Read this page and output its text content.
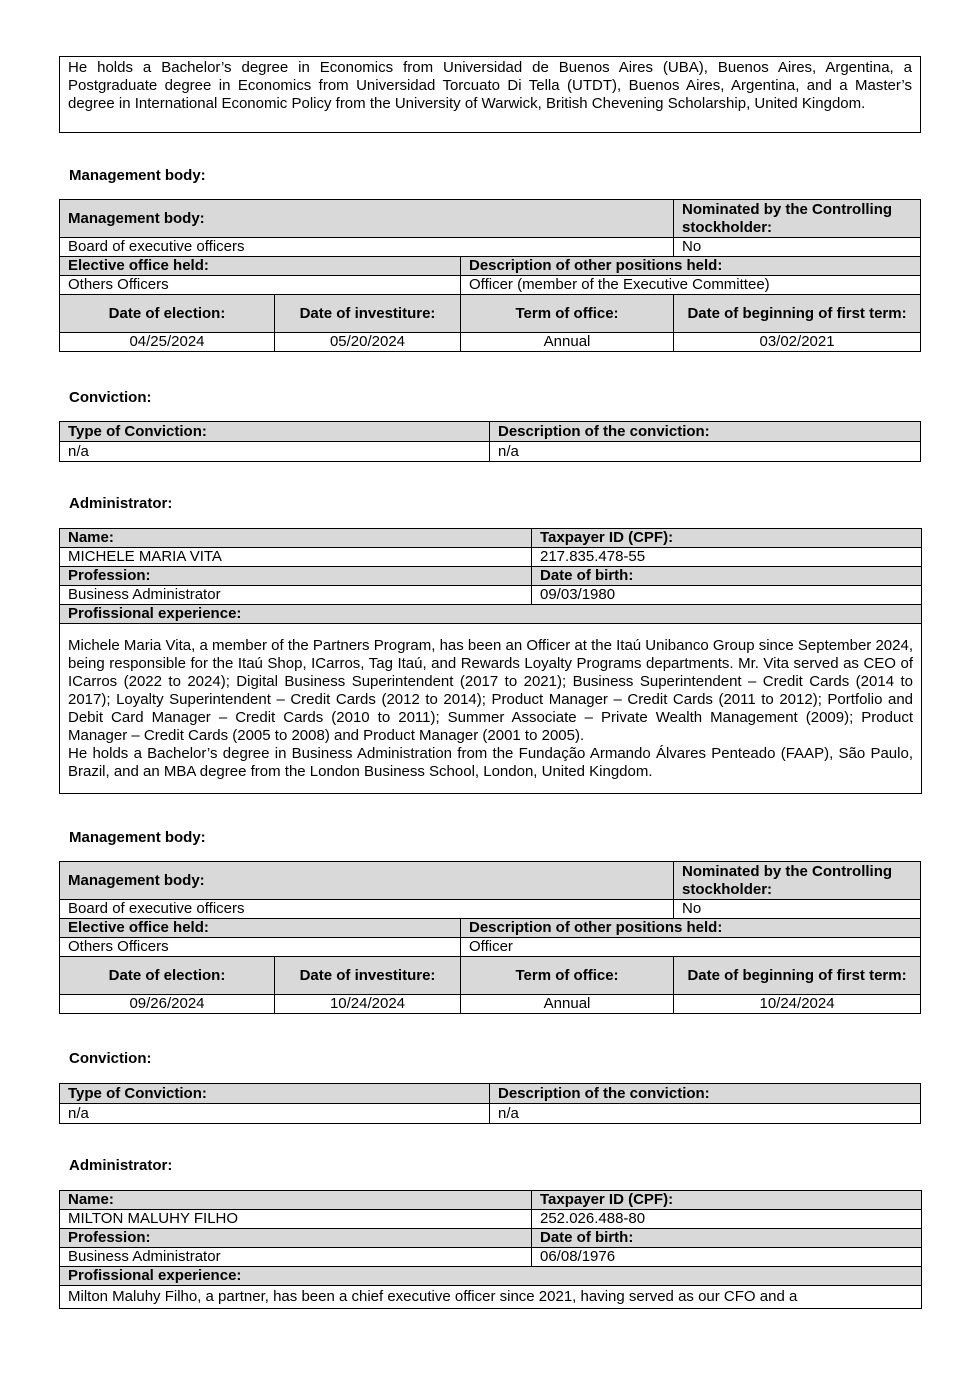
He holds a Bachelor’s degree in Economics from Universidad de Buenos Aires (UBA), Buenos Aires, Argentina, a Postgraduate degree in Economics from Universidad Torcuato Di Tella (UTDT), Buenos Aires, Argentina, and a Master’s degree in International Economic Policy from the University of Warwick, British Chevening Scholarship, United Kingdom.

Management body:
Management body:			Nominated by the Controlling stockholder:
Board of executive officers			No
Elective office held:		Description of other positions held:	
Others Officers		Officer (member of the Executive Committee)	
Date of election:	Date of investiture:	Term of office:	Date of beginning of first term:
04/25/2024	05/20/2024	Annual	03/02/2021
Conviction:
Type of Conviction:	Description of the conviction:
n/a	n/a
Administrator:
Name:	Taxpayer ID (CPF):
MICHELE MARIA VITA	217.835.478-55
Profession:	Date of birth:
Business Administrator	09/03/1980
Profissional experience:	

Michele Maria Vita, a member of the Partners Program, has been an Officer at the Itaú Unibanco Group since September 2024, being responsible for the Itaú Shop, ICarros, Tag Itaú, and Rewards Loyalty Programs departments. Mr. Vita served as CEO of ICarros (2022 to 2024); Digital Business Superintendent (2017 to 2021); Business Superintendent – Credit Cards (2014 to 2017); Loyalty Superintendent – Credit Cards (2012 to 2014); Product Manager – Credit Cards (2011 to 2012); Portfolio and Debit Card Manager – Credit Cards (2010 to 2011); Summer Associate – Private Wealth Management (2009); Product Manager – Credit Cards (2005 to 2008) and Product Manager (2001 to 2005).

He holds a Bachelor’s degree in Business Administration from the Fundação Armando Álvares Penteado (FAAP), São Paulo, Brazil, and an MBA degree from the London Business School, London, United Kingdom.	

Management body:
Management body:			Nominated by the Controlling stockholder:
Board of executive officers			No
Elective office held:		Description of other positions held:	
Others Officers		Officer	
Date of election:	Date of investiture:	Term of office:	Date of beginning of first term:
09/26/2024	10/24/2024	Annual	10/24/2024
Conviction:
Type of Conviction:	Description of the conviction:
n/a	n/a
Administrator:
Name:	Taxpayer ID (CPF):
MILTON MALUHY FILHO	252.026.488-80
Profession:	Date of birth:
Business Administrator	06/08/1976
Profissional experience:	

Milton Maluhy Filho, a partner, has been a chief executive officer since 2021, having served as our CFO and a	
